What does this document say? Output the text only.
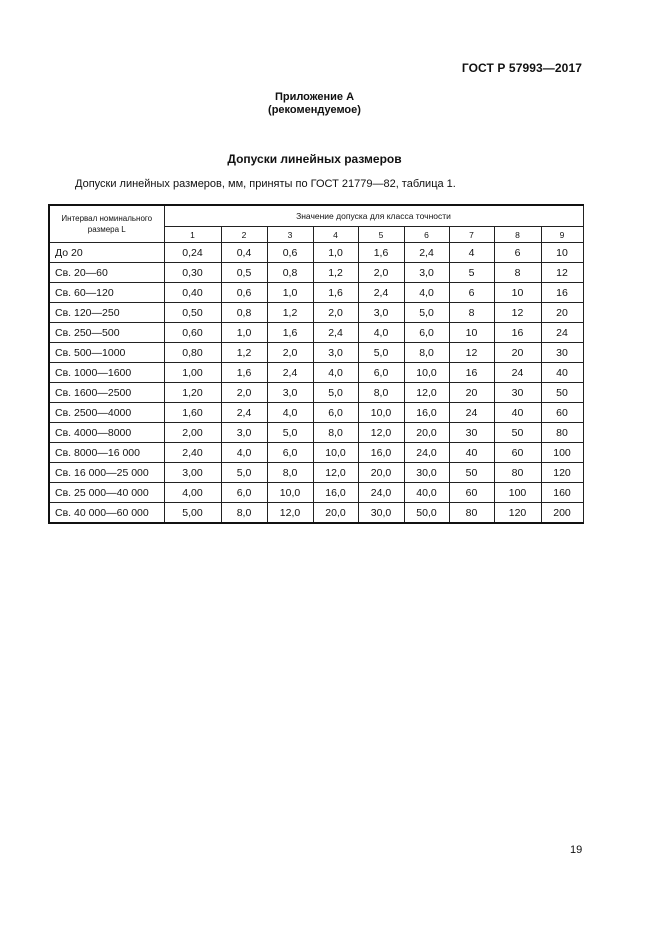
ГОСТ Р 57993—2017
Приложение А
(рекомендуемое)
Допуски линейных размеров
Допуски линейных размеров, мм, приняты по ГОСТ 21779—82, таблица 1.
Интервал номинального размера L	Значение допуска для класса точности								
	1	2	3	4	5	6	7	8	9
До 20	0,24	0,4	0,6	1,0	1,6	2,4	4	6	10
Св. 20—60	0,30	0,5	0,8	1,2	2,0	3,0	5	8	12
Св. 60—120	0,40	0,6	1,0	1,6	2,4	4,0	6	10	16
Св. 120—250	0,50	0,8	1,2	2,0	3,0	5,0	8	12	20
Св. 250—500	0,60	1,0	1,6	2,4	4,0	6,0	10	16	24
Св. 500—1000	0,80	1,2	2,0	3,0	5,0	8,0	12	20	30
Св. 1000—1600	1,00	1,6	2,4	4,0	6,0	10,0	16	24	40
Св. 1600—2500	1,20	2,0	3,0	5,0	8,0	12,0	20	30	50
Св. 2500—4000	1,60	2,4	4,0	6,0	10,0	16,0	24	40	60
Св. 4000—8000	2,00	3,0	5,0	8,0	12,0	20,0	30	50	80
Св. 8000—16 000	2,40	4,0	6,0	10,0	16,0	24,0	40	60	100
Св. 16 000—25 000	3,00	5,0	8,0	12,0	20,0	30,0	50	80	120
Св. 25 000—40 000	4,00	6,0	10,0	16,0	24,0	40,0	60	100	160
Св. 40 000—60 000	5,00	8,0	12,0	20,0	30,0	50,0	80	120	200
19
